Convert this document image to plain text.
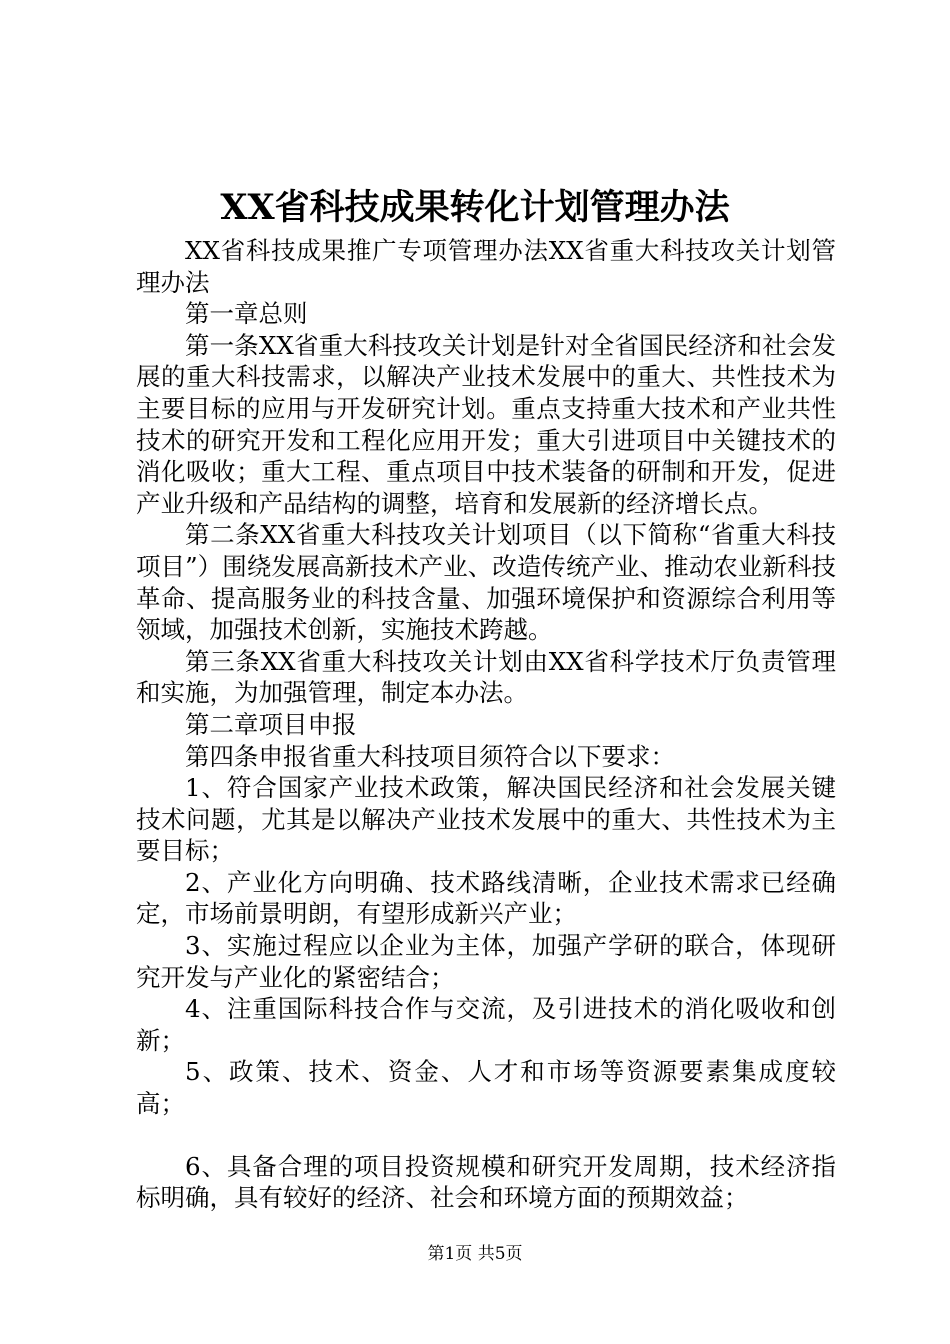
XX省科技成果转化计划管理办法

XX省科技成果推广专项管理办法XX省重大科技攻关计划管理办法

第一章总则

第一条XX省重大科技攻关计划是针对全省国民经济和社会发展的重大科技需求，以解决产业技术发展中的重大、共性技术为主要目标的应用与开发研究计划。重点支持重大技术和产业共性技术的研究开发和工程化应用开发；重大引进项目中关键技术的消化吸收；重大工程、重点项目中技术装备的研制和开发，促进产业升级和产品结构的调整，培育和发展新的经济增长点。

第二条XX省重大科技攻关计划项目（以下简称“省重大科技项目”）围绕发展高新技术产业、改造传统产业、推动农业新科技革命、提高服务业的科技含量、加强环境保护和资源综合利用等领域，加强技术创新，实施技术跨越。

第三条XX省重大科技攻关计划由XX省科学技术厅负责管理和实施，为加强管理，制定本办法。

第二章项目申报

第四条申报省重大科技项目须符合以下要求：

1、符合国家产业技术政策，解决国民经济和社会发展关键技术问题，尤其是以解决产业技术发展中的重大、共性技术为主要目标；

2、产业化方向明确、技术路线清晰，企业技术需求已经确定，市场前景明朗，有望形成新兴产业；

3、实施过程应以企业为主体，加强产学研的联合，体现研究开发与产业化的紧密结合；

4、注重国际科技合作与交流，及引进技术的消化吸收和创新；

5、政策、技术、资金、人才和市场等资源要素集成度较高；

6、具备合理的项目投资规模和研究开发周期，技术经济指标明确，具有较好的经济、社会和环境方面的预期效益；

第1页 共5页
